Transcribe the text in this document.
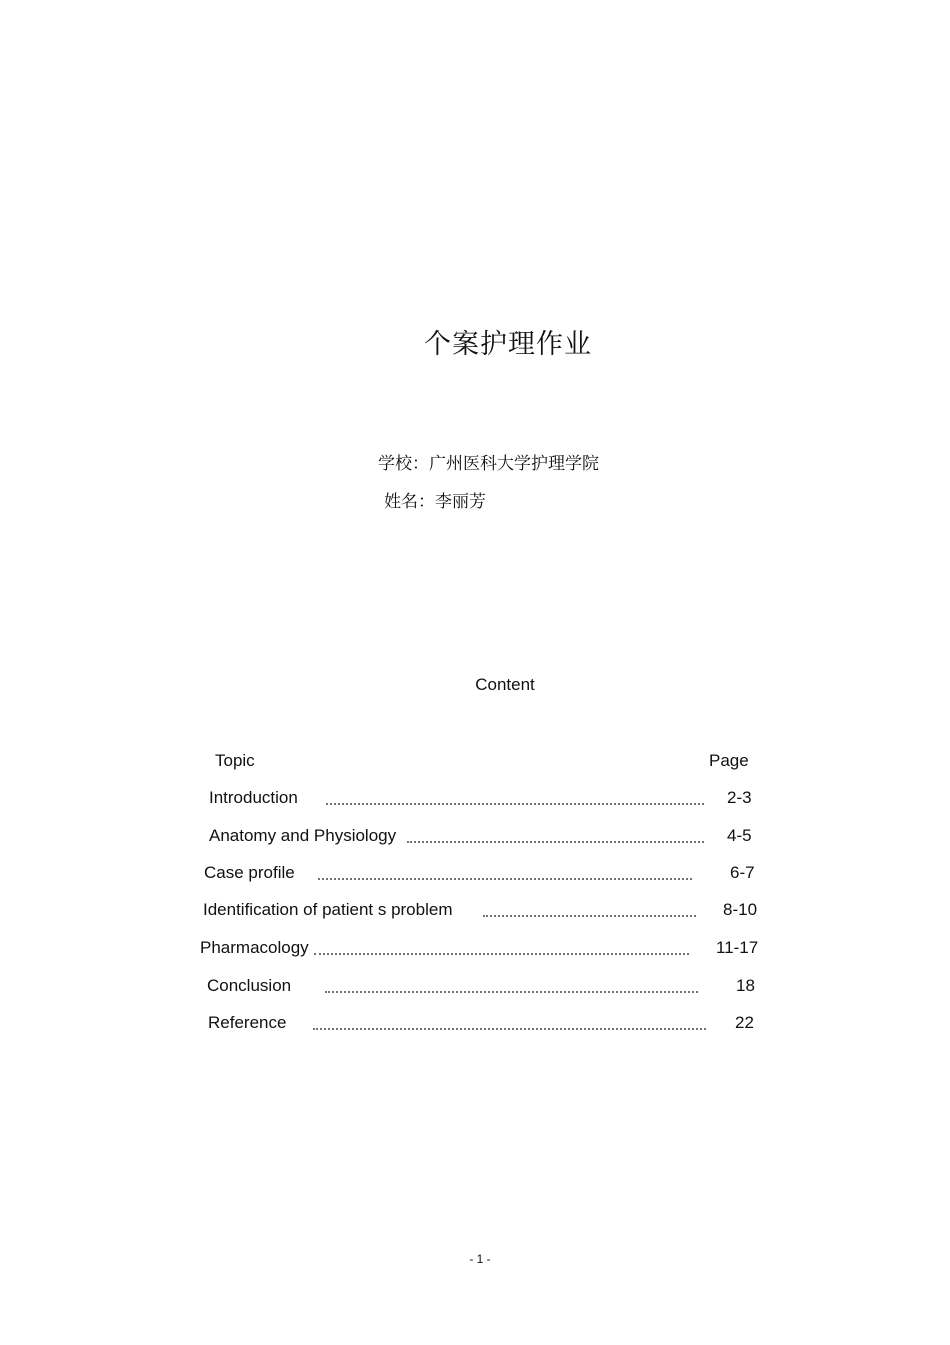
个案护理作业
学校：广州医科大学护理学院
姓名：李丽芳
Content
Topic	Page
Introduction	2-3
Anatomy and Physiology	4-5
Case profile	6-7
Identification of patient s problem	8-10
Pharmacology	11-17
Conclusion	18
Reference	22
- 1 -
